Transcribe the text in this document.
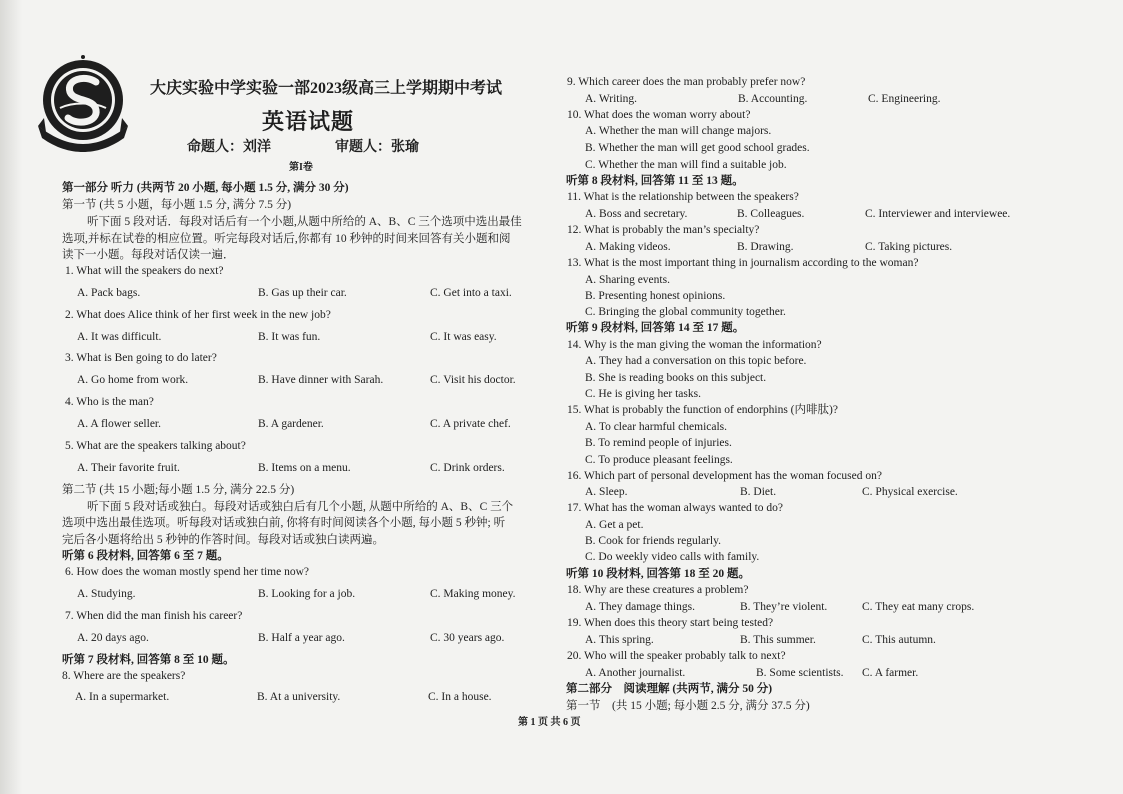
大庆实验中学实验一部2023级高三上学期期中考试
英语试题
命题人：刘洋	审题人：张瑜
第I卷
第一部分 听力 (共两节 20 小题, 每小题 1.5 分, 满分 30 分)
第一节 (共 5 小题，每小题 1.5 分, 满分 7.5 分)
听下面 5 段对话．每段对话后有一个小题,从题中所给的 A、B、C 三个选项中选出最佳
选项,并标在试卷的相应位置。听完每段对话后,你都有 10 秒钟的时间来回答有关小题和阅
读下一小题。每段对话仅读一遍．
1. What will the speakers do next?
A. Pack bags.	B. Gas up their car.	C. Get into a taxi.
2. What does Alice think of her first week in the new job?
A. It was difficult.	B. It was fun.	C. It was easy.
3. What is Ben going to do later?
A. Go home from work.	B. Have dinner with Sarah.	C. Visit his doctor.
4. Who is the man?
A. A flower seller.	B. A gardener.	C. A private chef.
5. What are the speakers talking about?
A. Their favorite fruit.	B. Items on a menu.	C. Drink orders.
第二节 (共 15 小题;每小题 1.5 分, 满分 22.5 分)
听下面 5 段对话或独白。每段对话或独白后有几个小题, 从题中所给的 A、B、C 三个
选项中选出最佳选项。听每段对话或独白前, 你将有时间阅读各个小题, 每小题 5 秒钟; 听
完后各小题将给出 5 秒钟的作答时间。每段对话或独白读两遍。
听第 6 段材料, 回答第 6 至 7 题。
6. How does the woman mostly spend her time now?
A. Studying.	B. Looking for a job.	C. Making money.
7. When did the man finish his career?
A. 20 days ago.	B. Half a year ago.	C. 30 years ago.
听第 7 段材料, 回答第 8 至 10 题。
8. Where are the speakers?
A. In a supermarket.	B. At a university.	C. In a house.
9. Which career does the man probably prefer now?
A. Writing.	B. Accounting.	C. Engineering.
10. What does the woman worry about?
A. Whether the man will change majors.
B. Whether the man will get good school grades.
C. Whether the man will find a suitable job.
听第 8 段材料, 回答第 11 至 13 题。
11. What is the relationship between the speakers?
A. Boss and secretary.	B. Colleagues.	C. Interviewer and interviewee.
12. What is probably the man’s specialty?
A. Making videos.	B. Drawing.	C. Taking pictures.
13. What is the most important thing in journalism according to the woman?
A. Sharing events.
B. Presenting honest opinions.
C. Bringing the global community together.
听第 9 段材料, 回答第 14 至 17 题。
14. Why is the man giving the woman the information?
A. They had a conversation on this topic before.
B. She is reading books on this subject.
C. He is giving her tasks.
15. What is probably the function of endorphins (内啡肽)?
A. To clear harmful chemicals.
B. To remind people of injuries.
C. To produce pleasant feelings.
16. Which part of personal development has the woman focused on?
A. Sleep.	B. Diet.	C. Physical exercise.
17. What has the woman always wanted to do?
A. Get a pet.
B. Cook for friends regularly.
C. Do weekly video calls with family.
听第 10 段材料, 回答第 18 至 20 题。
18. Why are these creatures a problem?
A. They damage things.	B. They’re violent.	C. They eat many crops.
19. When does this theory start being tested?
A. This spring.	B. This summer.	C. This autumn.
20. Who will the speaker probably talk to next?
A. Another journalist.	B. Some scientists. C. A farmer.
第二部分　阅读理解 (共两节, 满分 50 分)
第一节　(共 15 小题; 每小题 2.5 分, 满分 37.5 分)
第 1 页 共 6 页
